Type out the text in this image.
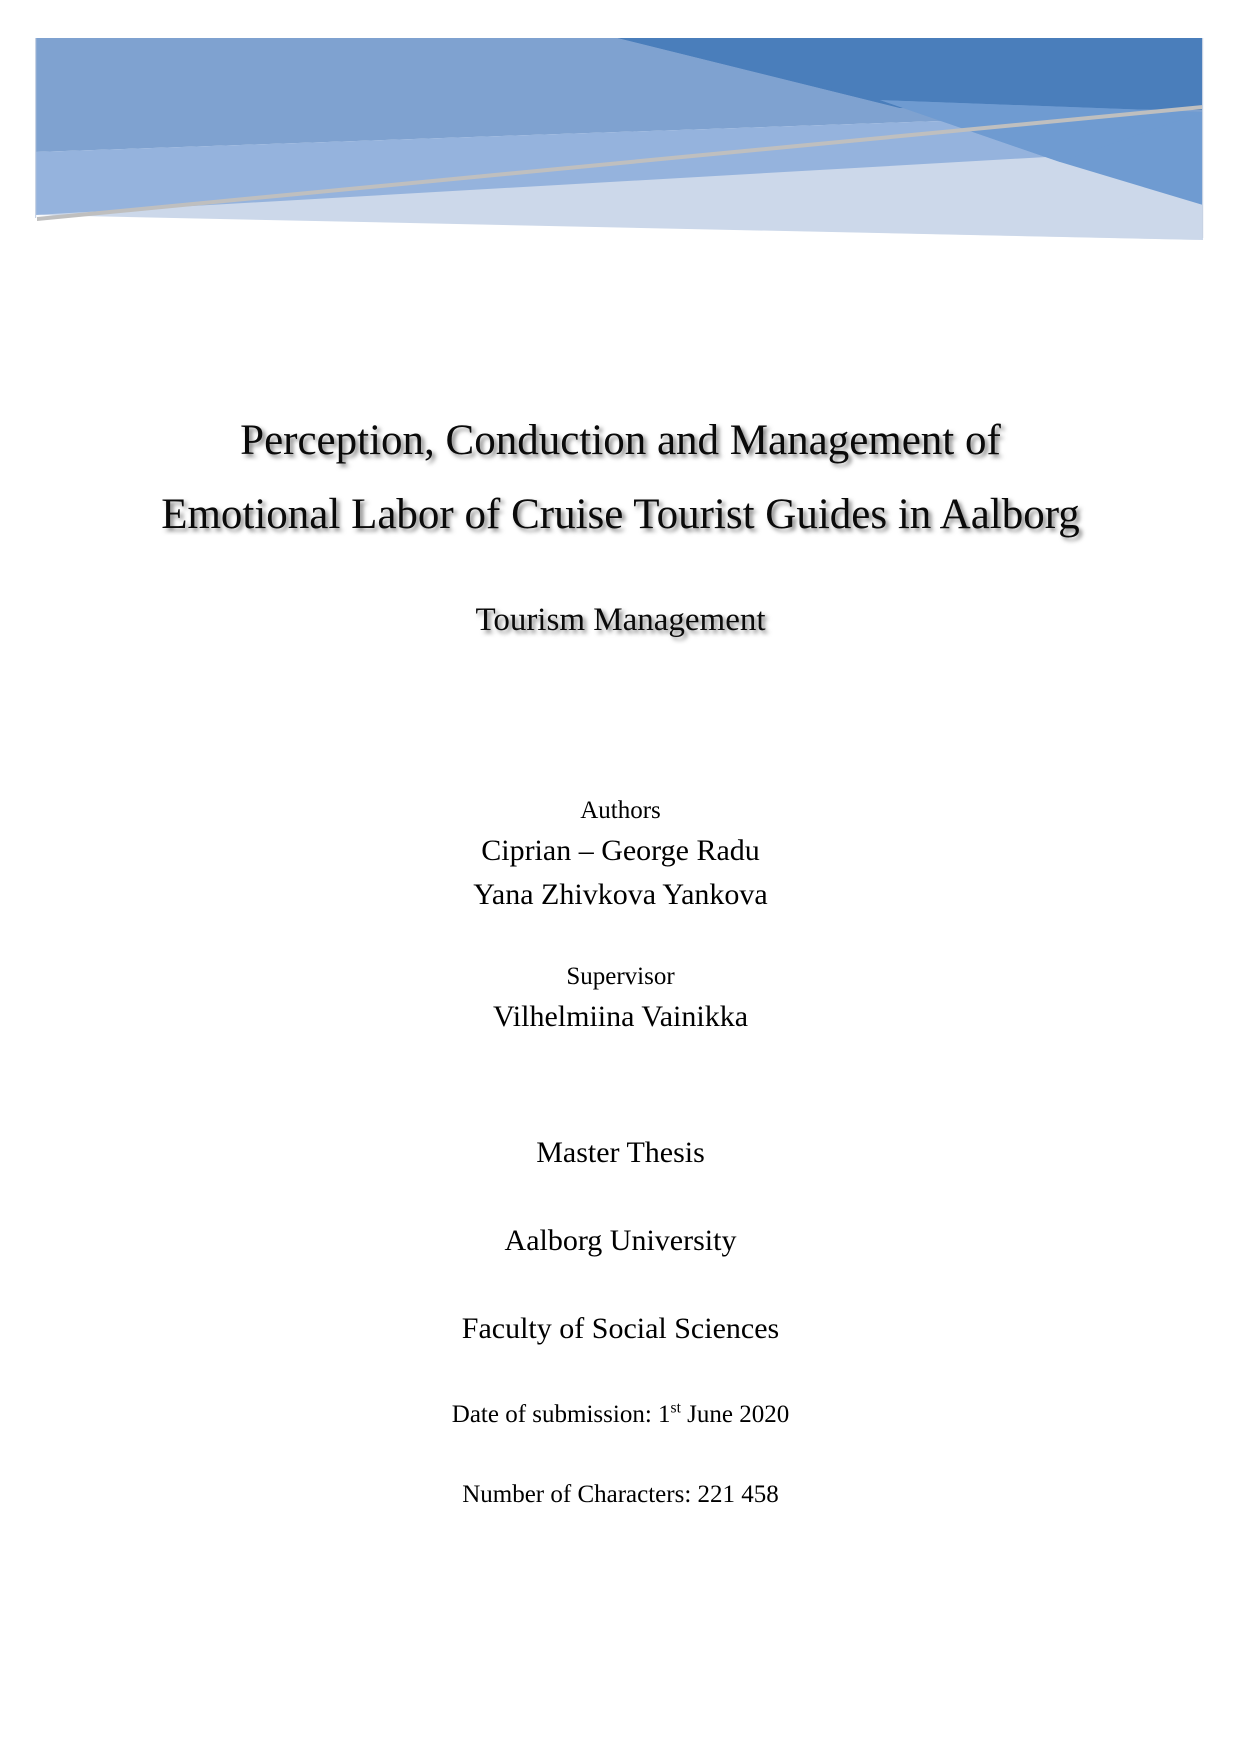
Perception, Conduction and Management of
Emotional Labor of Cruise Tourist Guides in Aalborg
Tourism Management
Authors
Ciprian – George Radu
Yana Zhivkova Yankova
Supervisor
Vilhelmiina Vainikka
Master Thesis
Aalborg University
Faculty of Social Sciences
Date of submission: 1st June 2020
Number of Characters: 221 458
